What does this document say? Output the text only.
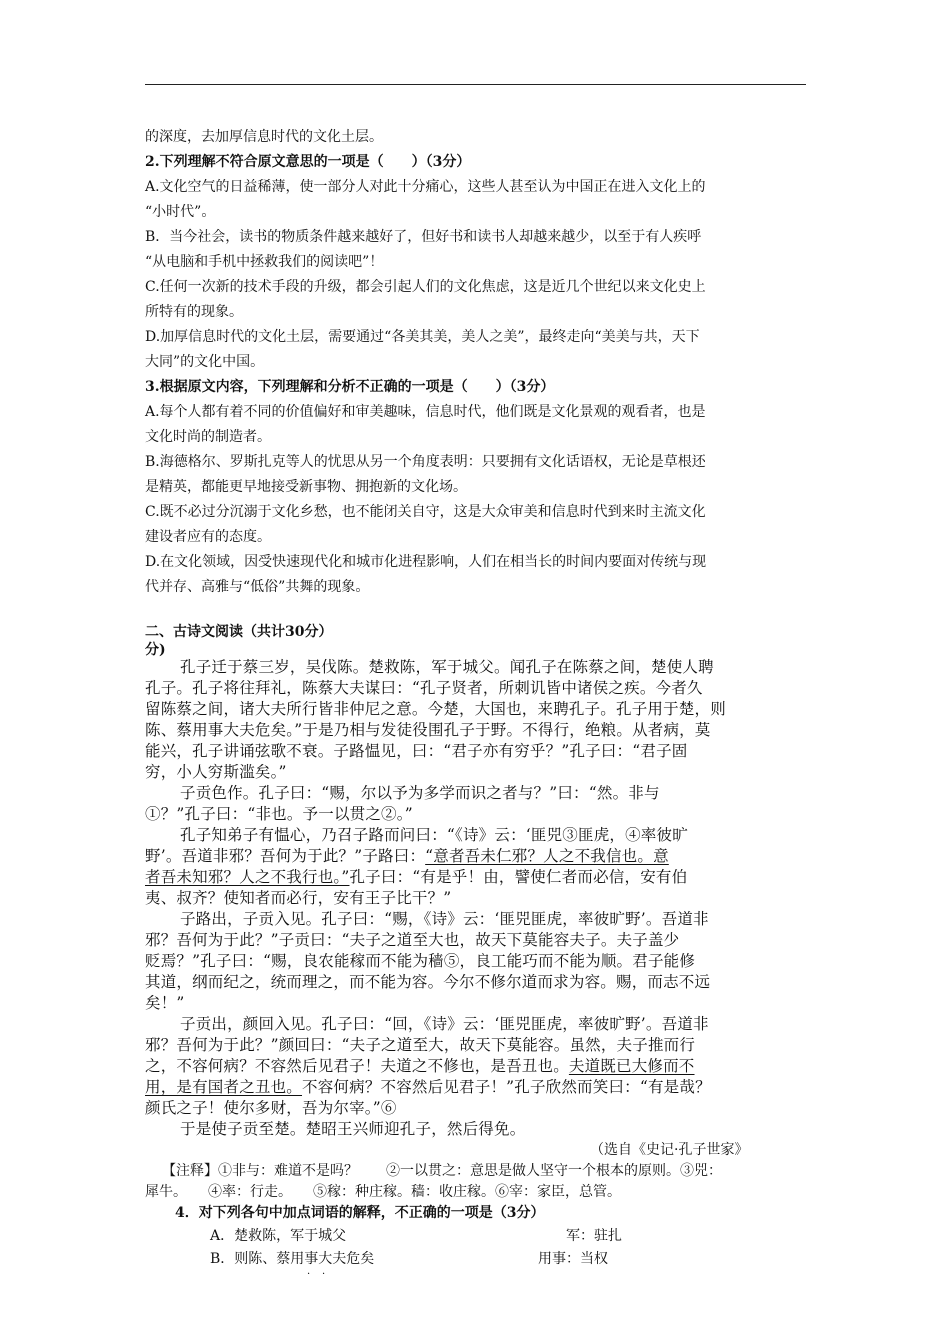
的深度，去加厚信息时代的文化土层。
2.下列理解不符合原文意思的一项是（　　）（3分）
A.文化空气的日益稀薄，使一部分人对此十分痛心，这些人甚至认为中国正在进入文化上的
“小时代”。
B．当今社会，读书的物质条件越来越好了，但好书和读书人却越来越少，以至于有人疾呼
“从电脑和手机中拯救我们的阅读吧”！
C.任何一次新的技术手段的升级，都会引起人们的文化焦虑，这是近几个世纪以来文化史上
所特有的现象。
D.加厚信息时代的文化土层，需要通过“各美其美，美人之美”，最终走向“美美与共，天下
大同”的文化中国。
3.根据原文内容，下列理解和分析不正确的一项是（　　）（3分）
A.每个人都有着不同的价值偏好和审美趣味，信息时代，他们既是文化景观的观看者，也是
文化时尚的制造者。
B.海德格尔、罗斯扎克等人的忧思从另一个角度表明：只要拥有文化话语权，无论是草根还
是精英，都能更早地接受新事物、拥抱新的文化场。
C.既不必过分沉溺于文化乡愁，也不能闭关自守，这是大众审美和信息时代到来时主流文化
建设者应有的态度。
D.在文化领域，因受快速现代化和城市化进程影响，人们在相当长的时间内要面对传统与现
代并存、高雅与“低俗”共舞的现象。
二、古诗文阅读（共计30分）
分)
孔子迁于蔡三岁，吴伐陈。楚救陈，军于城父。闻孔子在陈蔡之间，楚使人聘
孔子。孔子将往拜礼，陈蔡大夫谋曰：“孔子贤者，所刺讥皆中诸侯之疾。今者久
留陈蔡之间，诸大夫所行皆非仲尼之意。今楚，大国也，来聘孔子。孔子用于楚，则
陈、蔡用事大夫危矣。”于是乃相与发徒役围孔子于野。不得行，绝粮。从者病，莫
能兴，孔子讲诵弦歌不衰。子路愠见，曰：“君子亦有穷乎？”孔子曰：“君子固
穷，小人穷斯滥矣。”
子贡色作。孔子曰：“赐，尔以予为多学而识之者与？”曰：“然。非与
①？”孔子曰：“非也。予一以贯之②。”
孔子知弟子有愠心，乃召子路而问曰：“《诗》云：‘匪兕③匪虎，④率彼旷
野’。吾道非邪？吾何为于此？”子路曰：“意者吾未仁邪？人之不我信也。意
者吾未知邪？人之不我行也。”孔子曰：“有是乎！由，譬使仁者而必信，安有伯
夷、叔齐？使知者而必行，安有王子比干？”
子路出，子贡入见。孔子曰：“赐，《诗》云：‘匪兕匪虎，率彼旷野’。吾道非
邪？吾何为于此？”子贡曰：“夫子之道至大也，故天下莫能容夫子。夫子盖少
贬焉？”孔子曰：“赐，良农能稼而不能为穑⑤，良工能巧而不能为顺。君子能修
其道，纲而纪之，统而理之，而不能为容。今尔不修尔道而求为容。赐，而志不远
矣！”
子贡出，颜回入见。孔子曰：“回，《诗》云：‘匪兕匪虎，率彼旷野’。吾道非
邪？吾何为于此？”颜回曰：“夫子之道至大，故天下莫能容。虽然，夫子推而行
之，不容何病？不容然后见君子！夫道之不修也，是吾丑也。夫道既已大修而不
用，是有国者之丑也。不容何病？不容然后见君子！”孔子欣然而笑曰：“有是哉？
颜氏之子！使尔多财，吾为尔宰。”⑥
于是使子贡至楚。楚昭王兴师迎孔子，然后得免。
（选自《史记·孔子世家》
【注释】①非与：难道不是吗？　　②一以贯之：意思是做人坚守一个根本的原则。③兕：
犀牛。　　④率：行走。　　⑤稼：种庄稼。穑：收庄稼。⑥宰：家臣，总管。
4．对下列各句中加点词语的解释，不正确的一项是（3分）
A．楚救陈，军于城父	军：驻扎
B．则陈、蔡用事大夫危矣	用事：当权
· ·
